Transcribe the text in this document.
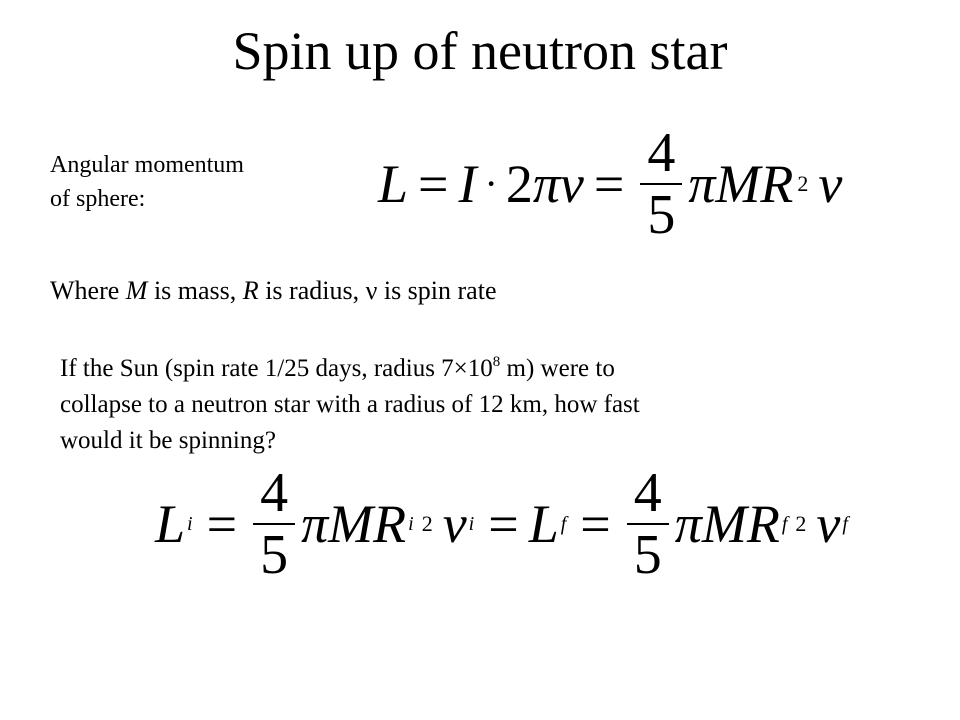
Spin up of neutron star
Angular momentum
of sphere:	L = I · 2 π $\nu = \frac{4}{5}$ π M R 2 ν
Where M is mass, R is radius, ν is spin rate

If the Sun (spin rate 1/25 days, radius $7\times 10^8$ m) were to

collapse to a neutron star with a radius of 12 km, how fast

would it be spinning?

L $i = \frac{4}{5}$ π M R i 2 ν i = L $f = \frac{4}{5}$ π M R f 2 ν f
